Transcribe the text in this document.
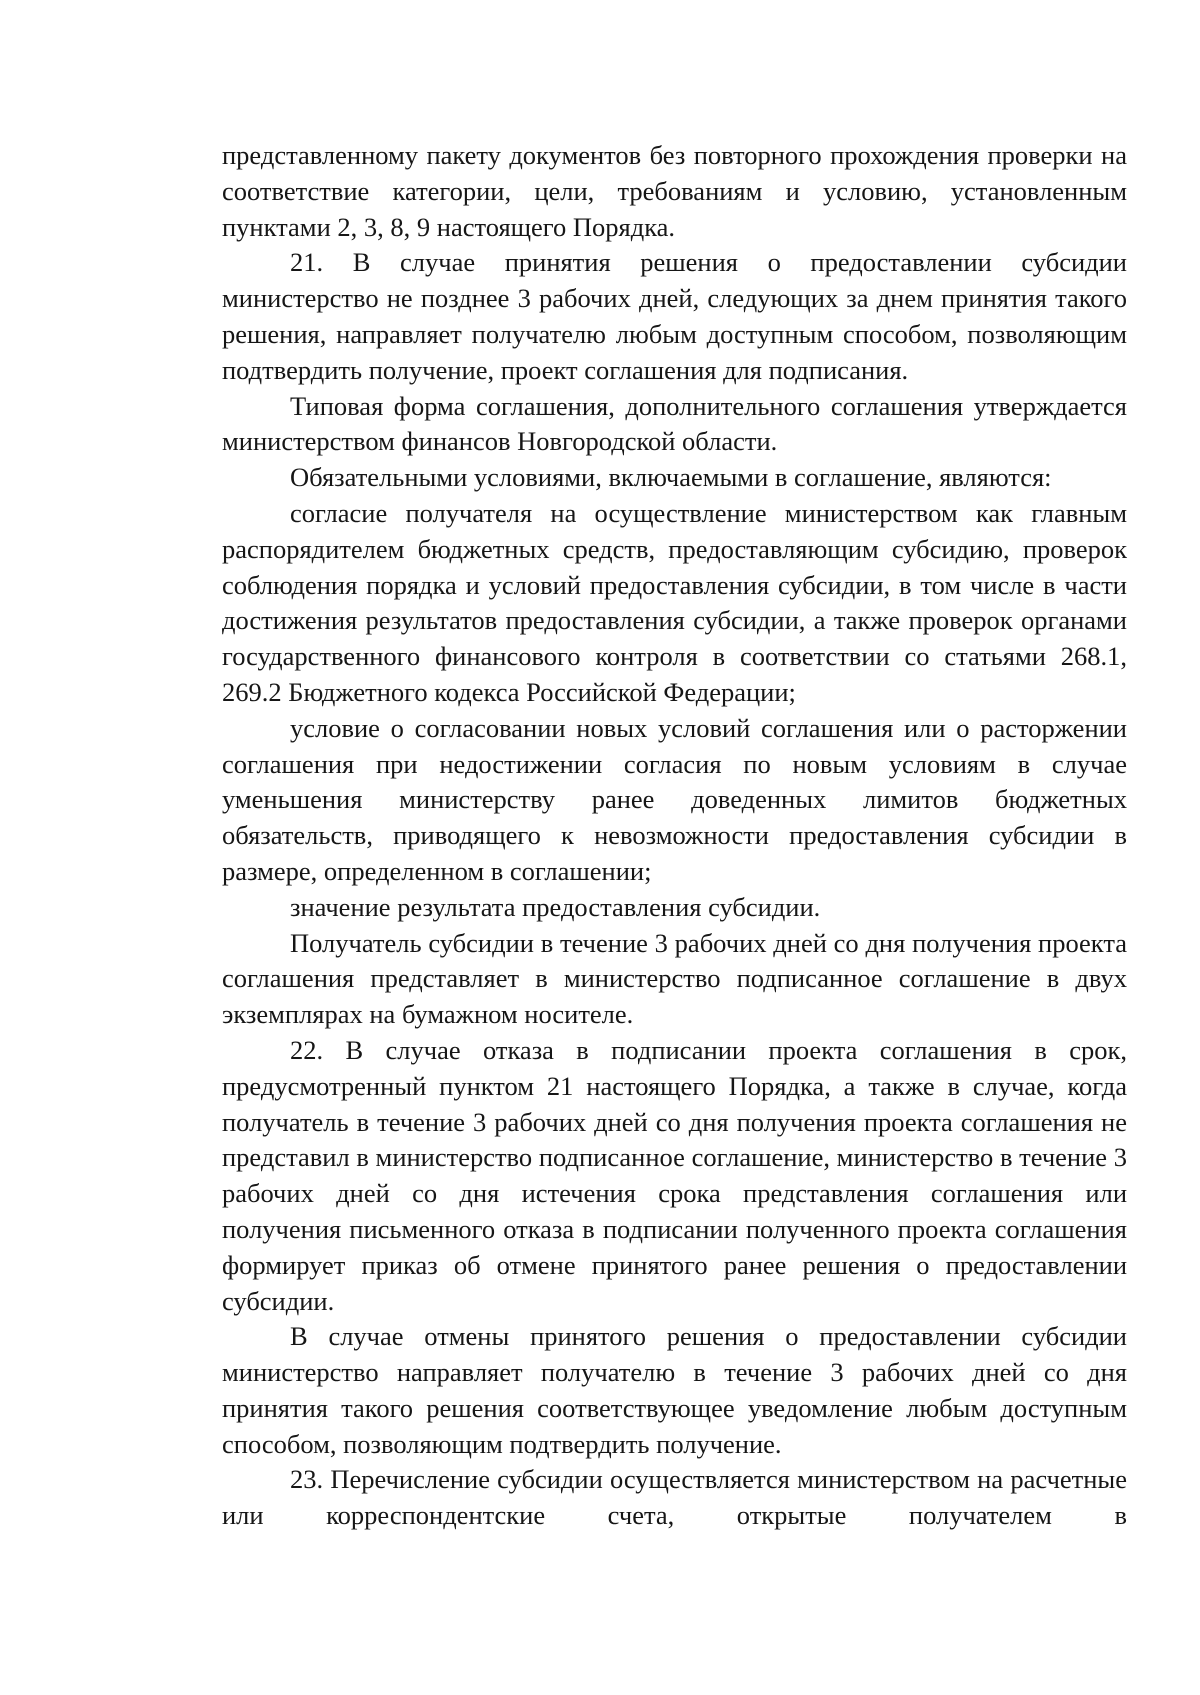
представленному пакету документов без повторного прохождения проверки на соответствие категории, цели, требованиям и условию, установленным пунктами 2, 3, 8, 9 настоящего Порядка.

21. В случае принятия решения о предоставлении субсидии министерство не позднее 3 рабочих дней, следующих за днем принятия такого решения, направляет получателю любым доступным способом, позволяющим подтвердить получение, проект соглашения для подписания.

Типовая форма соглашения, дополнительного соглашения утверждается министерством финансов Новгородской области.

Обязательными условиями, включаемыми в соглашение, являются:

согласие получателя на осуществление министерством как главным распорядителем бюджетных средств, предоставляющим субсидию, проверок соблюдения порядка и условий предоставления субсидии, в том числе в части достижения результатов предоставления субсидии, а также проверок органами государственного финансового контроля в соответствии со статьями 268.1, 269.2 Бюджетного кодекса Российской Федерации;

условие о согласовании новых условий соглашения или о расторжении соглашения при недостижении согласия по новым условиям в случае уменьшения министерству ранее доведенных лимитов бюджетных обязательств, приводящего к невозможности предоставления субсидии в размере, определенном в соглашении;

значение результата предоставления субсидии.

Получатель субсидии в течение 3 рабочих дней со дня получения проекта соглашения представляет в министерство подписанное соглашение в двух экземплярах на бумажном носителе.

22. В случае отказа в подписании проекта соглашения в срок, предусмотренный пунктом 21 настоящего Порядка, а также в случае, когда получатель в течение 3 рабочих дней со дня получения проекта соглашения не представил в министерство подписанное соглашение, министерство в течение 3 рабочих дней со дня истечения срока представления соглашения или получения письменного отказа в подписании полученного проекта соглашения формирует приказ об отмене принятого ранее решения о предоставлении субсидии.

В случае отмены принятого решения о предоставлении субсидии министерство направляет получателю в течение 3 рабочих дней со дня принятия такого решения соответствующее уведомление любым доступным способом, позволяющим подтвердить получение.

23. Перечисление субсидии осуществляется министерством на расчетные или корреспондентские счета, открытые получателем в
